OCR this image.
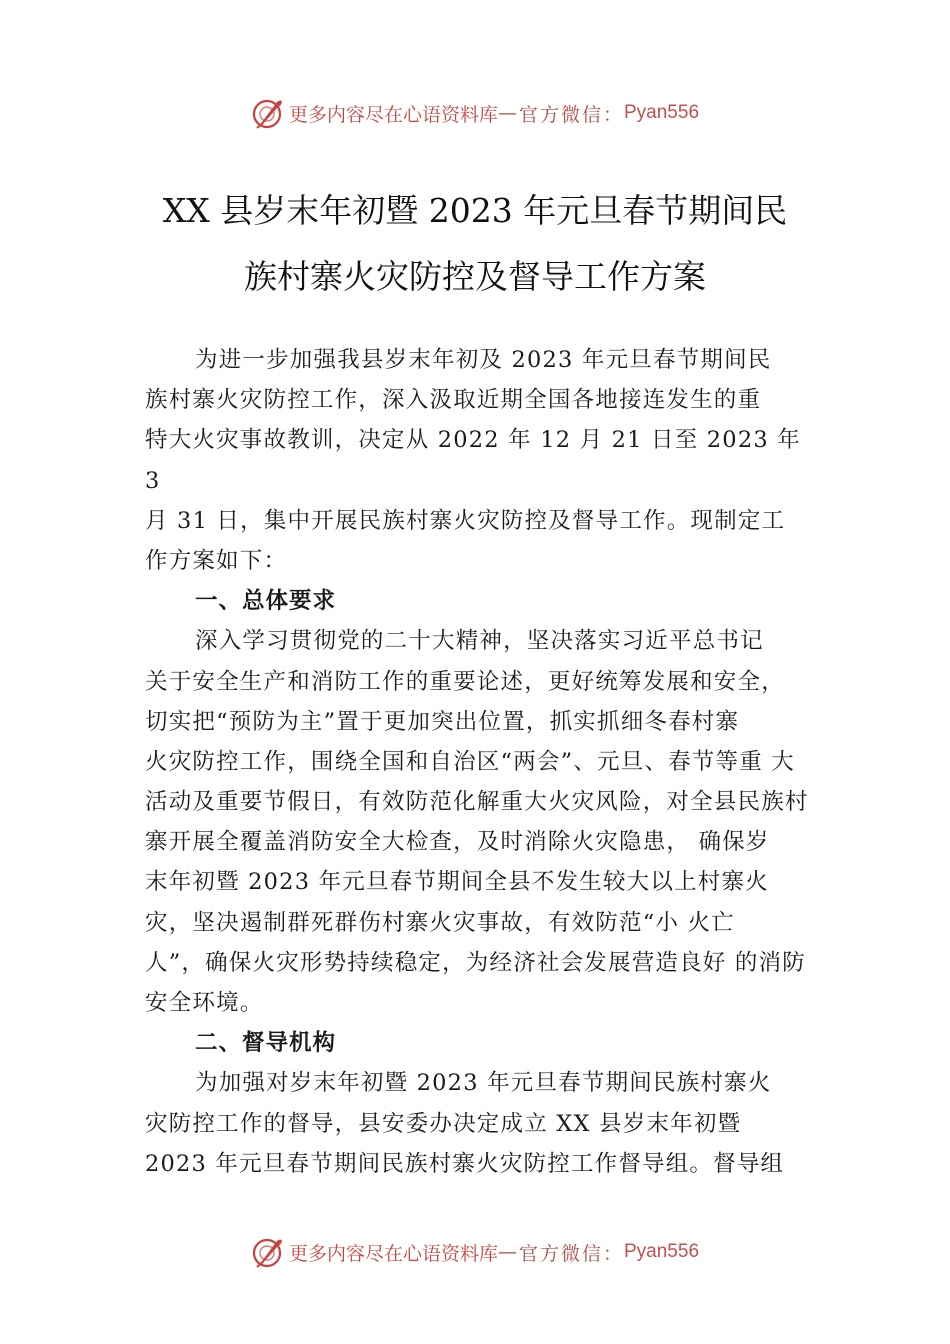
更多内容尽在心语资料库 — 官方微信： Pyan556
XX 县岁末年初暨 2023 年元旦春节期间民
族村寨火灾防控及督导工作方案
为进一步加强我县岁末年初及 2023 年元旦春节期间民
族村寨火灾防控工作，深入汲取近期全国各地接连发生的重
特大火灾事故教训，决定从 2022 年 12 月 21 日至 2023 年
3
月 31 日，集中开展民族村寨火灾防控及督导工作。现制定工
作方案如下：
一、总体要求
深入学习贯彻党的二十大精神，坚决落实习近平总书记
关于安全生产和消防工作的重要论述，更好统筹发展和安全，
切实把“预防为主”置于更加突出位置，抓实抓细冬春村寨
火灾防控工作，围绕全国和自治区“两会”、元旦、春节等重 大
活动及重要节假日，有效防范化解重大火灾风险，对全县民族村
寨开展全覆盖消防安全大检查，及时消除火灾隐患， 确保岁
末年初暨 2023 年元旦春节期间全县不发生较大以上村寨火
灾，坚决遏制群死群伤村寨火灾事故，有效防范“小 火亡
人”，确保火灾形势持续稳定，为经济社会发展营造良好 的消防
安全环境。
二、督导机构
为加强对岁末年初暨 2023 年元旦春节期间民族村寨火
灾防控工作的督导，县安委办决定成立 XX 县岁末年初暨
2023 年元旦春节期间民族村寨火灾防控工作督导组。督导组
更多内容尽在心语资料库 — 官方微信： Pyan556
